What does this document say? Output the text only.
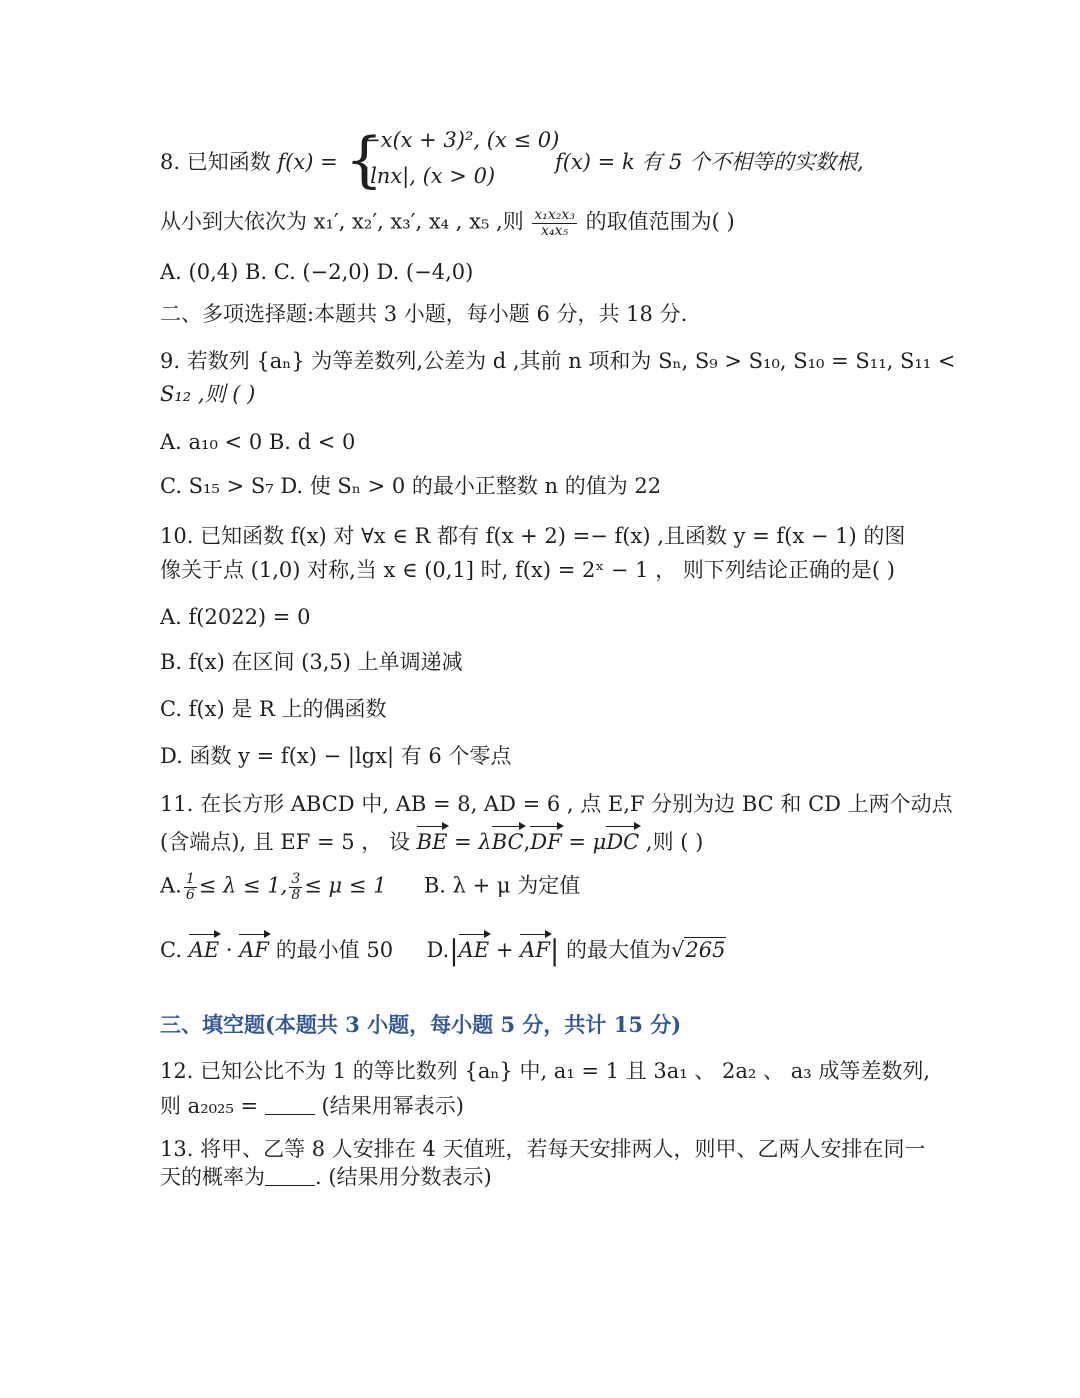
8. 已知函数 f(x) = {
−x(x + 3)², (x ≤ 0)
|lnx|, (x > 0)
f(x) = k 有 5 个不相等的实数根,
从小到大依次为 x₁′, x₂′, x₃′, x₄ , x₅ ,则 $\frac{\text{x₁x₂x₃}}{\text{x₄x₅}}$ 的取值范围为( )
A. (0,4) B. C. (−2,0) D. (−4,0)
二、多项选择题:本题共 3 小题，每小题 6 分，共 18 分.
9. 若数列 {aₙ} 为等差数列,公差为 d ,其前 n 项和为 Sₙ, S₉ > S₁₀, S₁₀ = S₁₁, S₁₁ <
S₁₂ ,则 ( )
A. a₁₀ < 0 B. d < 0
C. S₁₅ > S₇ D. 使 Sₙ > 0 的最小正整数 n 的值为 22
10. 已知函数 f(x) 对 ∀x ∈ R 都有 f(x + 2) =− f(x) ,且函数 y = f(x − 1) 的图
像关于点 (1,0) 对称,当 x ∈ (0,1] 时, f(x) = 2ˣ − 1 ， 则下列结论正确的是( )
A. f(2022) = 0
B. f(x) 在区间 (3,5) 上单调递减
C. f(x) 是 R 上的偶函数
D. 函数 y = f(x) − |lgx| 有 6 个零点
11. 在长方形 ABCD 中, AB = 8, AD = 6 , 点 E,F 分别为边 BC 和 CD 上两个动点
(含端点), 且 EF = 5 ， 设 BE = λBC,DF = μDC ,则 ( )
A. $\frac{1}{6} \le \lambda \le 1$, $\frac{3}{8} \le \mu \le 1$ B. λ + μ 为定值
C. AE · AF 的最小值 50 D.|AE + AF| 的最大值为√265
三、填空题(本题共 3 小题，每小题 5 分，共计 15 分)
12. 已知公比不为 1 的等比数列 {aₙ} 中, a₁ = 1 且 3a₁ 、 2a₂ 、 a₃ 成等差数列,
则 a₂₀₂₅ =	(结果用幂表示)
13. 将甲、乙等 8 人安排在 4 天值班，若每天安排两人，则甲、乙两人安排在同一
天的概率为 . (结果用分数表示)
